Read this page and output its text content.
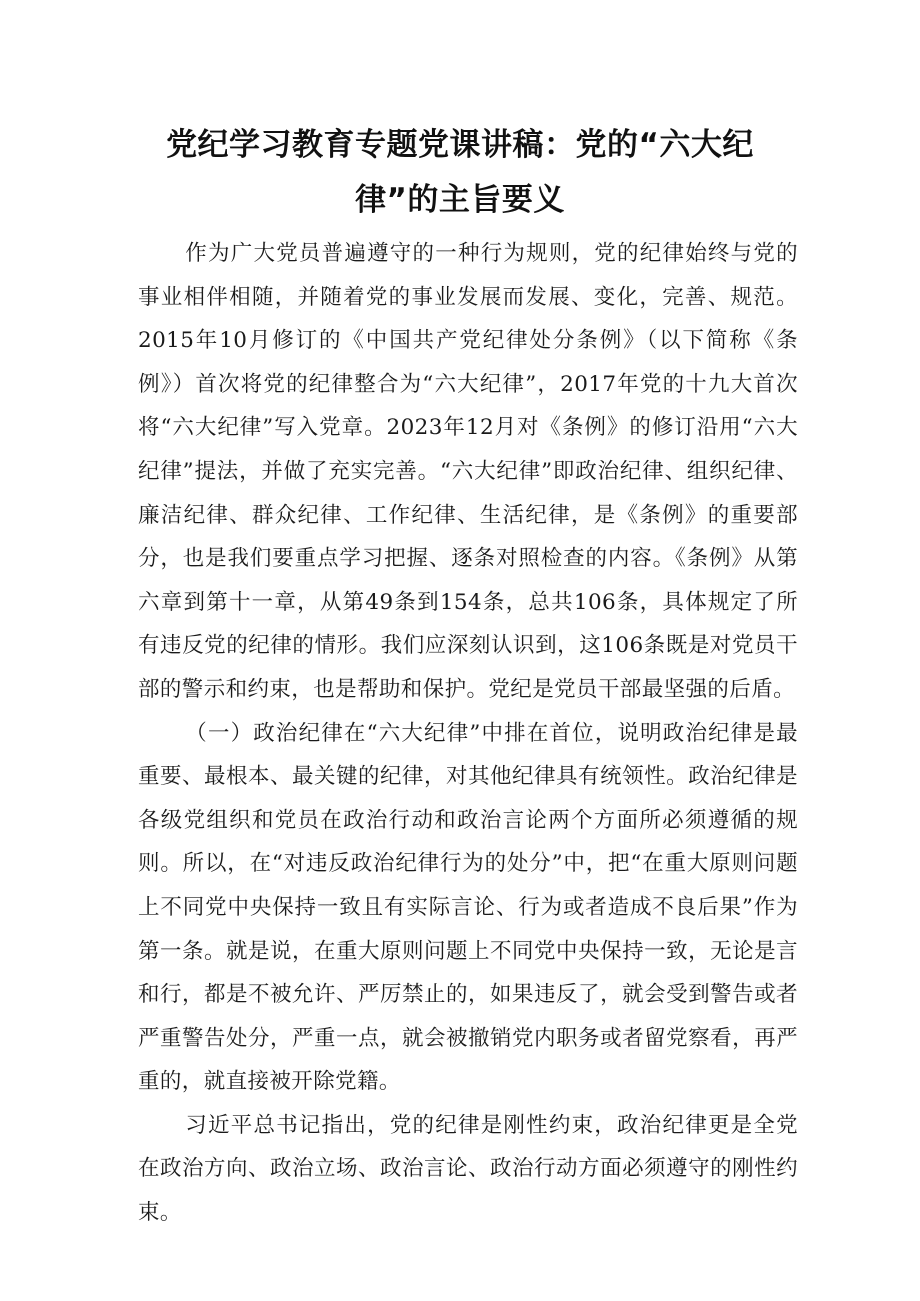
党纪学习教育专题党课讲稿：党的“六大纪律”的主旨要义

作为广大党员普遍遵守的一种行为规则，党的纪律始终与党的事业相伴相随，并随着党的事业发展而发展、变化，完善、规范。2015年10月修订的《中国共产党纪律处分条例》（以下简称《条例》）首次将党的纪律整合为“六大纪律”，2017年党的十九大首次将“六大纪律”写入党章。2023年12月对《条例》的修订沿用“六大纪律”提法，并做了充实完善。“六大纪律”即政治纪律、组织纪律、廉洁纪律、群众纪律、工作纪律、生活纪律，是《条例》的重要部分，也是我们要重点学习把握、逐条对照检查的内容。《条例》从第六章到第十一章，从第49条到154条，总共106条，具体规定了所有违反党的纪律的情形。我们应深刻认识到，这106条既是对党员干部的警示和约束，也是帮助和保护。党纪是党员干部最坚强的后盾。

（一）政治纪律在“六大纪律”中排在首位，说明政治纪律是最重要、最根本、最关键的纪律，对其他纪律具有统领性。政治纪律是各级党组织和党员在政治行动和政治言论两个方面所必须遵循的规则。所以，在“对违反政治纪律行为的处分”中，把“在重大原则问题上不同党中央保持一致且有实际言论、行为或者造成不良后果”作为第一条。就是说，在重大原则问题上不同党中央保持一致，无论是言和行，都是不被允许、严厉禁止的，如果违反了，就会受到警告或者严重警告处分，严重一点，就会被撤销党内职务或者留党察看，再严重的，就直接被开除党籍。

习近平总书记指出，党的纪律是刚性约束，政治纪律更是全党在政治方向、政治立场、政治言论、政治行动方面必须遵守的刚性约束。
